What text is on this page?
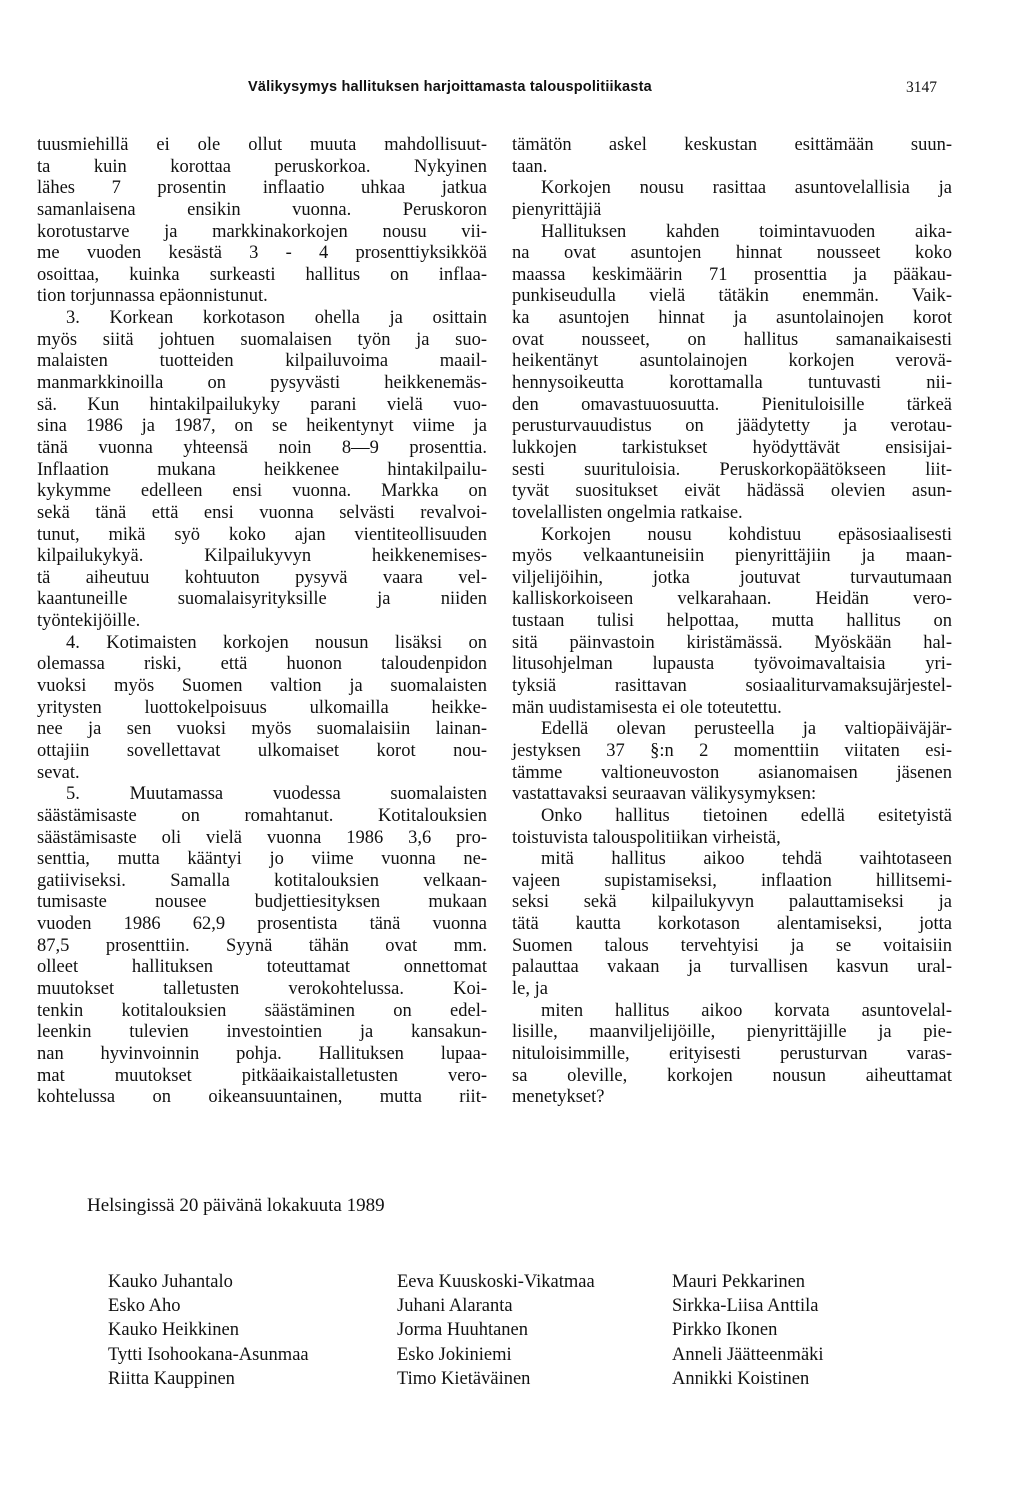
Välikysymys hallituksen harjoittamasta talouspolitiikasta	3147
tuusmiehillä ei ole ollut muuta mahdollisuut-
ta kuin korottaa peruskorkoa. Nykyinen
lähes 7 prosentin inflaatio uhkaa jatkua
samanlaisena ensikin vuonna. Peruskoron
korotustarve ja markkinakorkojen nousu vii-
me vuoden kesästä 3 - 4 prosenttiyksikköä
osoittaa, kuinka surkeasti hallitus on inflaa-
tion torjunnassa epäonnistunut.
3. Korkean korkotason ohella ja osittain
myös siitä johtuen suomalaisen työn ja suo-
malaisten tuotteiden kilpailuvoima maail-
manmarkkinoilla on pysyvästi heikkenemäs-
sä. Kun hintakilpailukyky parani vielä vuo-
sina 1986 ja 1987, on se heikentynyt viime ja
tänä vuonna yhteensä noin 8—9 prosenttia.
Inflaation mukana heikkenee hintakilpailu-
kykymme edelleen ensi vuonna. Markka on
sekä tänä että ensi vuonna selvästi revalvoi-
tunut, mikä syö koko ajan vientiteollisuuden
kilpailukykyä. Kilpailukyvyn heikkenemises-
tä aiheutuu kohtuuton pysyvä vaara vel-
kaantuneille suomalaisyrityksille ja niiden
työntekijöille.
4. Kotimaisten korkojen nousun lisäksi on
olemassa riski, että huonon taloudenpidon
vuoksi myös Suomen valtion ja suomalaisten
yritysten luottokelpoisuus ulkomailla heikke-
nee ja sen vuoksi myös suomalaisiin lainan-
ottajiin sovellettavat ulkomaiset korot nou-
sevat.
5. Muutamassa vuodessa suomalaisten
säästämisaste on romahtanut. Kotitalouksien
säästämisaste oli vielä vuonna 1986 3,6 pro-
senttia, mutta kääntyi jo viime vuonna ne-
gatiiviseksi. Samalla kotitalouksien velkaan-
tumisaste nousee budjettiesityksen mukaan
vuoden 1986 62,9 prosentista tänä vuonna
87,5 prosenttiin. Syynä tähän ovat mm.
olleet hallituksen toteuttamat onnettomat
muutokset talletusten verokohtelussa. Koi-
tenkin kotitalouksien säästäminen on edel-
leenkin tulevien investointien ja kansakun-
nan hyvinvoinnin pohja. Hallituksen lupaa-
mat muutokset pitkäaikaistalletusten vero-
kohtelussa on oikeansuuntainen, mutta riit-
tämätön askel keskustan esittämään suun-
taan.
Korkojen nousu rasittaa asuntovelallisia ja
pienyrittäjiä
Hallituksen kahden toimintavuoden aika-
na ovat asuntojen hinnat nousseet koko
maassa keskimäärin 71 prosenttia ja pääkau-
punkiseudulla vielä tätäkin enemmän. Vaik-
ka asuntojen hinnat ja asuntolainojen korot
ovat nousseet, on hallitus samanaikaisesti
heikentänyt asuntolainojen korkojen verovä-
hennysoikeutta korottamalla tuntuvasti nii-
den omavastuuosuutta. Pienituloisille tärkeä
perusturvauudistus on jäädytetty ja verotau-
lukkojen tarkistukset hyödyttävät ensisijai-
sesti suurituloisia. Peruskorkopäätökseen liit-
tyvät suositukset eivät hädässä olevien asun-
tovelallisten ongelmia ratkaise.
Korkojen nousu kohdistuu epäsosiaalisesti
myös velkaantuneisiin pienyrittäjiin ja maan-
viljelijöihin, jotka joutuvat turvautumaan
kalliskorkoiseen velkarahaan. Heidän vero-
tustaan tulisi helpottaa, mutta hallitus on
sitä päinvastoin kiristämässä. Myöskään hal-
litusohjelman lupausta työvoimavaltaisia yri-
tyksiä rasittavan sosiaaliturvamaksujärjestel-
män uudistamisesta ei ole toteutettu.
Edellä olevan perusteella ja valtiopäiväjär-
jestyksen 37 §:n 2 momenttiin viitaten esi-
tämme valtioneuvoston asianomaisen jäsenen
vastattavaksi seuraavan välikysymyksen:
Onko hallitus tietoinen edellä esitetyistä
toistuvista talouspolitiikan virheistä,
mitä hallitus aikoo tehdä vaihtotaseen
vajeen supistamiseksi, inflaation hillitsemi-
seksi sekä kilpailukyvyn palauttamiseksi ja
tätä kautta korkotason alentamiseksi, jotta
Suomen talous tervehtyisi ja se voitaisiin
palauttaa vakaan ja turvallisen kasvun ural-
le, ja
miten hallitus aikoo korvata asuntovelal-
lisille, maanviljelijöille, pienyrittäjille ja pie-
nituloisimmille, erityisesti perusturvan varas-
sa oleville, korkojen nousun aiheuttamat
menetykset?
Helsingissä 20 päivänä lokakuuta 1989
Kauko Juhantalo
Esko Aho
Kauko Heikkinen
Tytti Isohookana-Asunmaa
Riitta Kauppinen
Eeva Kuuskoski-Vikatmaa
Juhani Alaranta
Jorma Huuhtanen
Esko Jokiniemi
Timo Kietäväinen
Mauri Pekkarinen
Sirkka-Liisa Anttila
Pirkko Ikonen
Anneli Jäätteenmäki
Annikki Koistinen
